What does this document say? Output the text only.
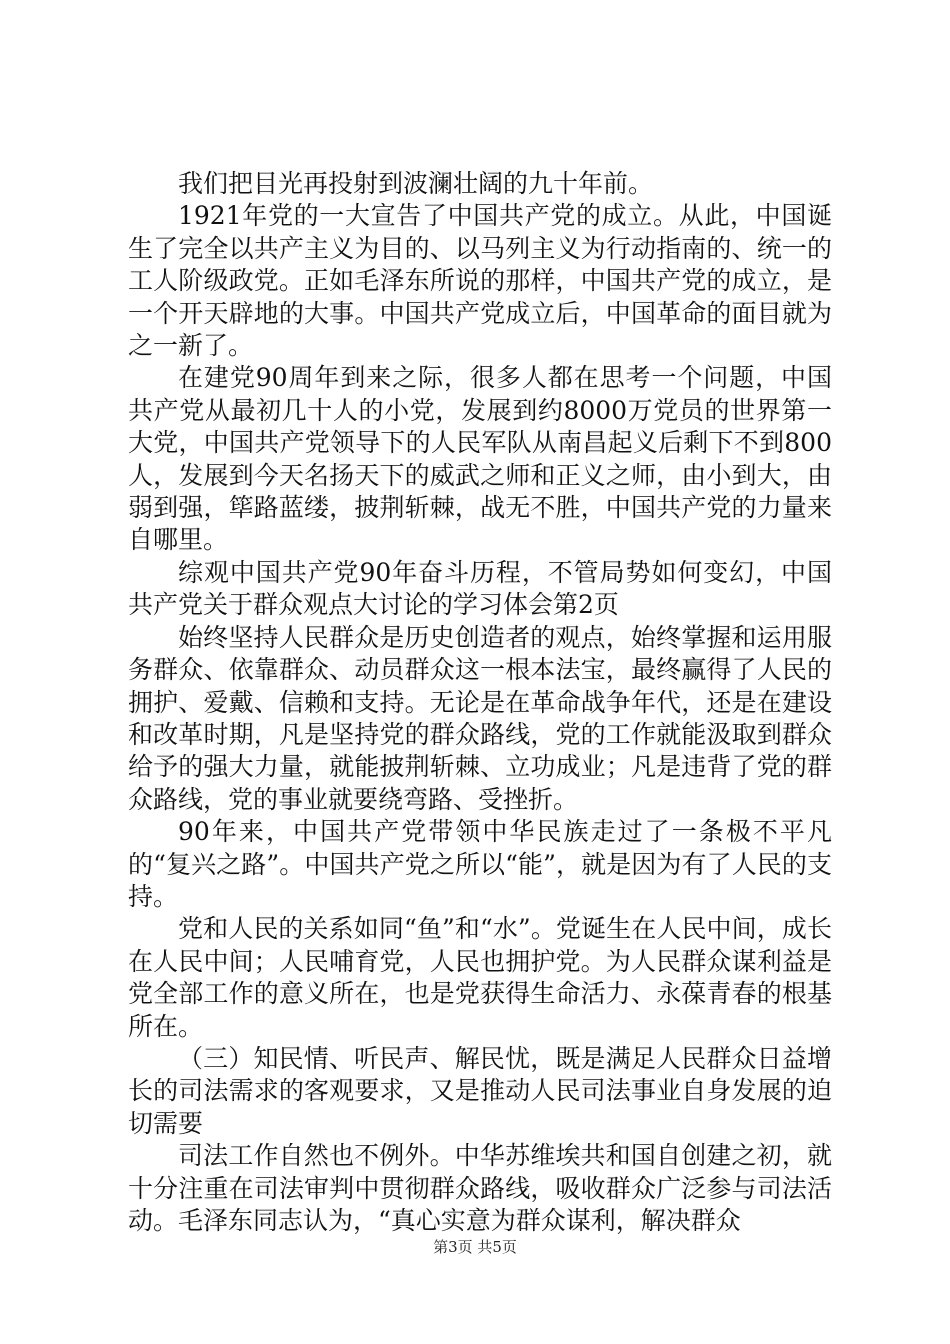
我们把目光再投射到波澜壮阔的九十年前。

1921年党的一大宣告了中国共产党的成立。从此，中国诞生了完全以共产主义为目的、以马列主义为行动指南的、统一的工人阶级政党。正如毛泽东所说的那样，中国共产党的成立，是一个开天辟地的大事。中国共产党成立后，中国革命的面目就为之一新了。

在建党90周年到来之际，很多人都在思考一个问题，中国共产党从最初几十人的小党，发展到约8000万党员的世界第一大党，中国共产党领导下的人民军队从南昌起义后剩下不到800人，发展到今天名扬天下的威武之师和正义之师，由小到大，由弱到强，筚路蓝缕，披荆斩棘，战无不胜，中国共产党的力量来自哪里。

综观中国共产党90年奋斗历程，不管局势如何变幻，中国共产党关于群众观点大讨论的学习体会第2页

始终坚持人民群众是历史创造者的观点，始终掌握和运用服务群众、依靠群众、动员群众这一根本法宝，最终赢得了人民的拥护、爱戴、信赖和支持。无论是在革命战争年代，还是在建设和改革时期，凡是坚持党的群众路线，党的工作就能汲取到群众给予的强大力量，就能披荆斩棘、立功成业；凡是违背了党的群众路线，党的事业就要绕弯路、受挫折。

90年来，中国共产党带领中华民族走过了一条极不平凡的“复兴之路”。中国共产党之所以“能”，就是因为有了人民的支持。

党和人民的关系如同“鱼”和“水”。党诞生在人民中间，成长在人民中间；人民哺育党，人民也拥护党。为人民群众谋利益是党全部工作的意义所在，也是党获得生命活力、永葆青春的根基所在。

（三）知民情、听民声、解民忧，既是满足人民群众日益增长的司法需求的客观要求，又是推动人民司法事业自身发展的迫切需要

司法工作自然也不例外。中华苏维埃共和国自创建之初，就十分注重在司法审判中贯彻群众路线，吸收群众广泛参与司法活动。毛泽东同志认为，“真心实意为群众谋利，解决群众

第3页 共5页
